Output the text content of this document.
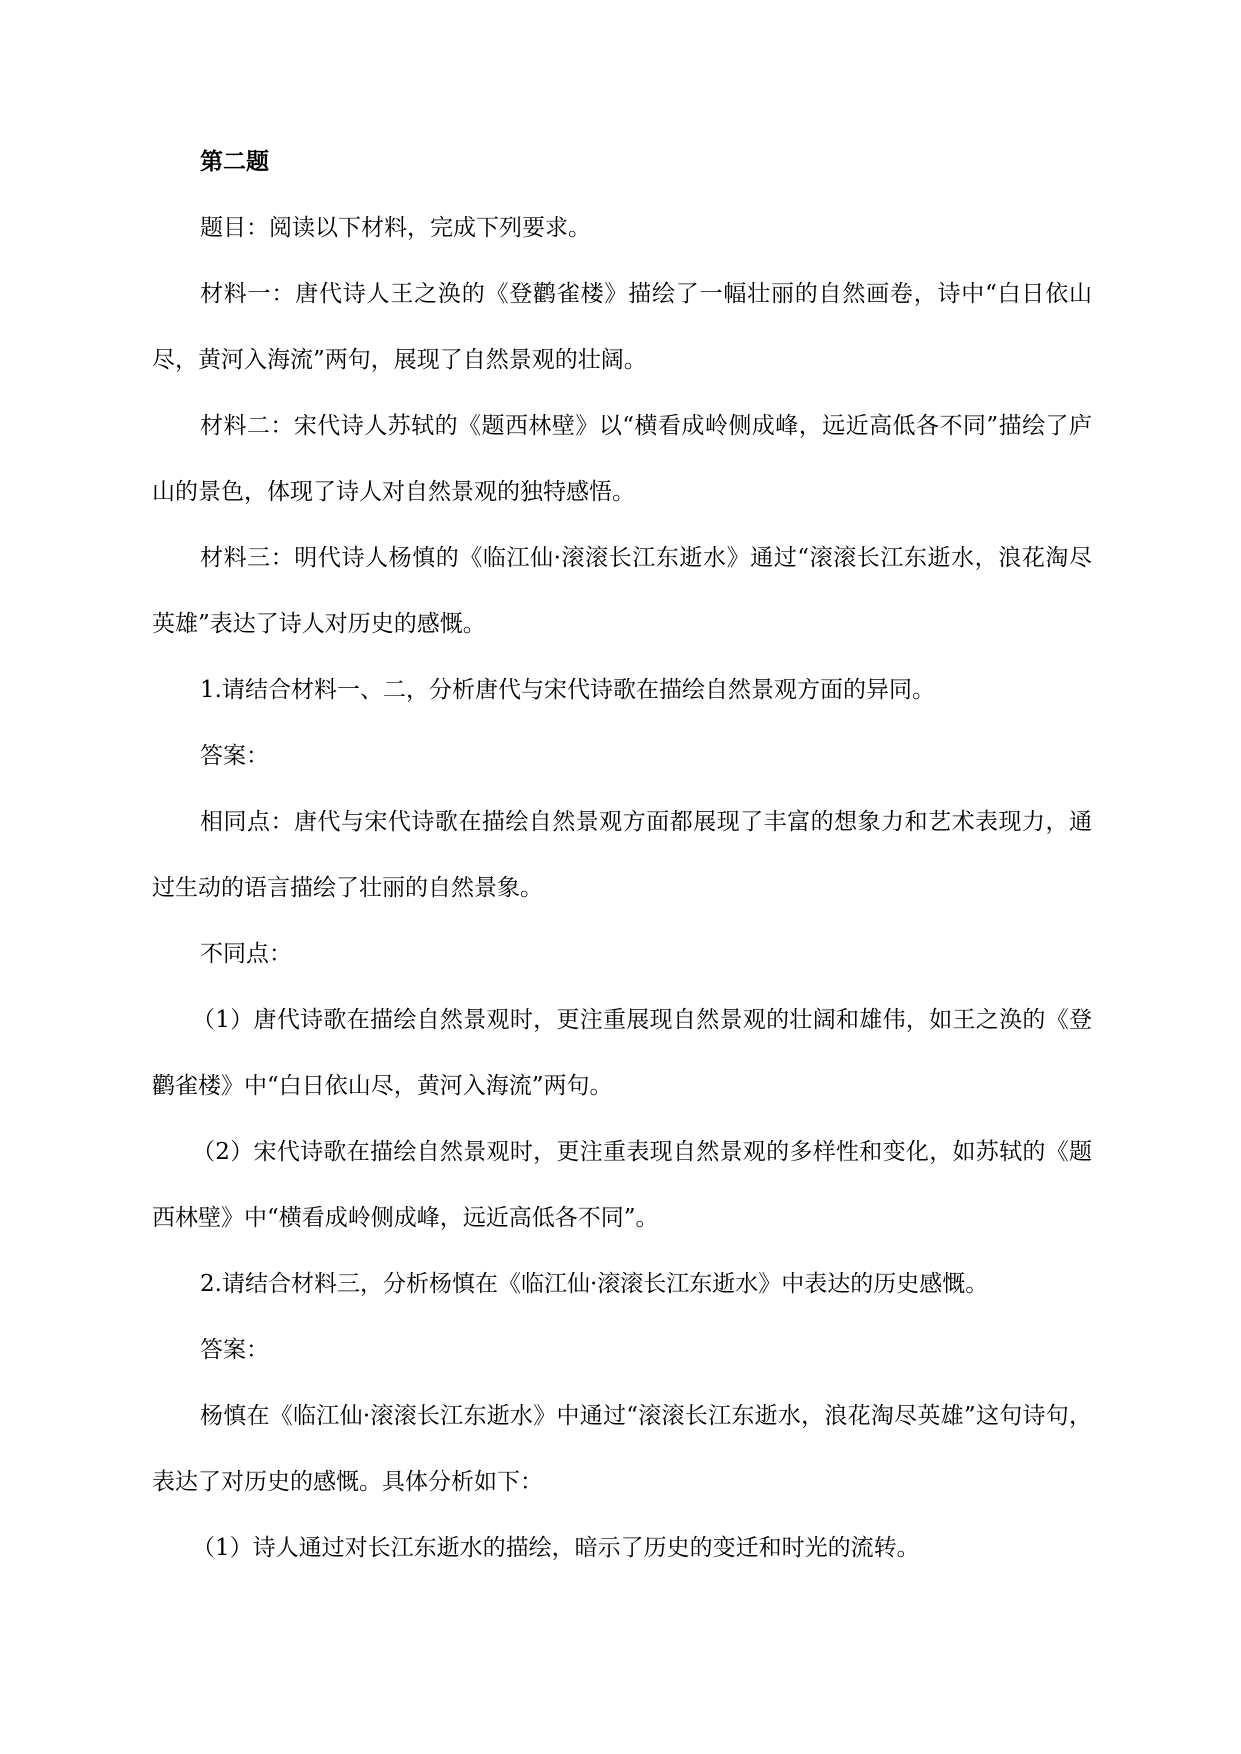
第二题

题目：阅读以下材料，完成下列要求。

材料一：唐代诗人王之涣的《登鹳雀楼》描绘了一幅壮丽的自然画卷，诗中“白日依山尽，黄河入海流”两句，展现了自然景观的壮阔。

材料二：宋代诗人苏轼的《题西林壁》以“横看成岭侧成峰，远近高低各不同”描绘了庐山的景色，体现了诗人对自然景观的独特感悟。

材料三：明代诗人杨慎的《临江仙·滚滚长江东逝水》通过“滚滚长江东逝水，浪花淘尽英雄”表达了诗人对历史的感慨。

1.请结合材料一、二，分析唐代与宋代诗歌在描绘自然景观方面的异同。

答案：

相同点：唐代与宋代诗歌在描绘自然景观方面都展现了丰富的想象力和艺术表现力，通过生动的语言描绘了壮丽的自然景象。

不同点：

（1）唐代诗歌在描绘自然景观时，更注重展现自然景观的壮阔和雄伟，如王之涣的《登鹳雀楼》中“白日依山尽，黄河入海流”两句。

（2）宋代诗歌在描绘自然景观时，更注重表现自然景观的多样性和变化，如苏轼的《题西林壁》中“横看成岭侧成峰，远近高低各不同”。

2.请结合材料三，分析杨慎在《临江仙·滚滚长江东逝水》中表达的历史感慨。

答案：

杨慎在《临江仙·滚滚长江东逝水》中通过“滚滚长江东逝水，浪花淘尽英雄”这句诗句，表达了对历史的感慨。具体分析如下：

（1）诗人通过对长江东逝水的描绘，暗示了历史的变迁和时光的流转。
